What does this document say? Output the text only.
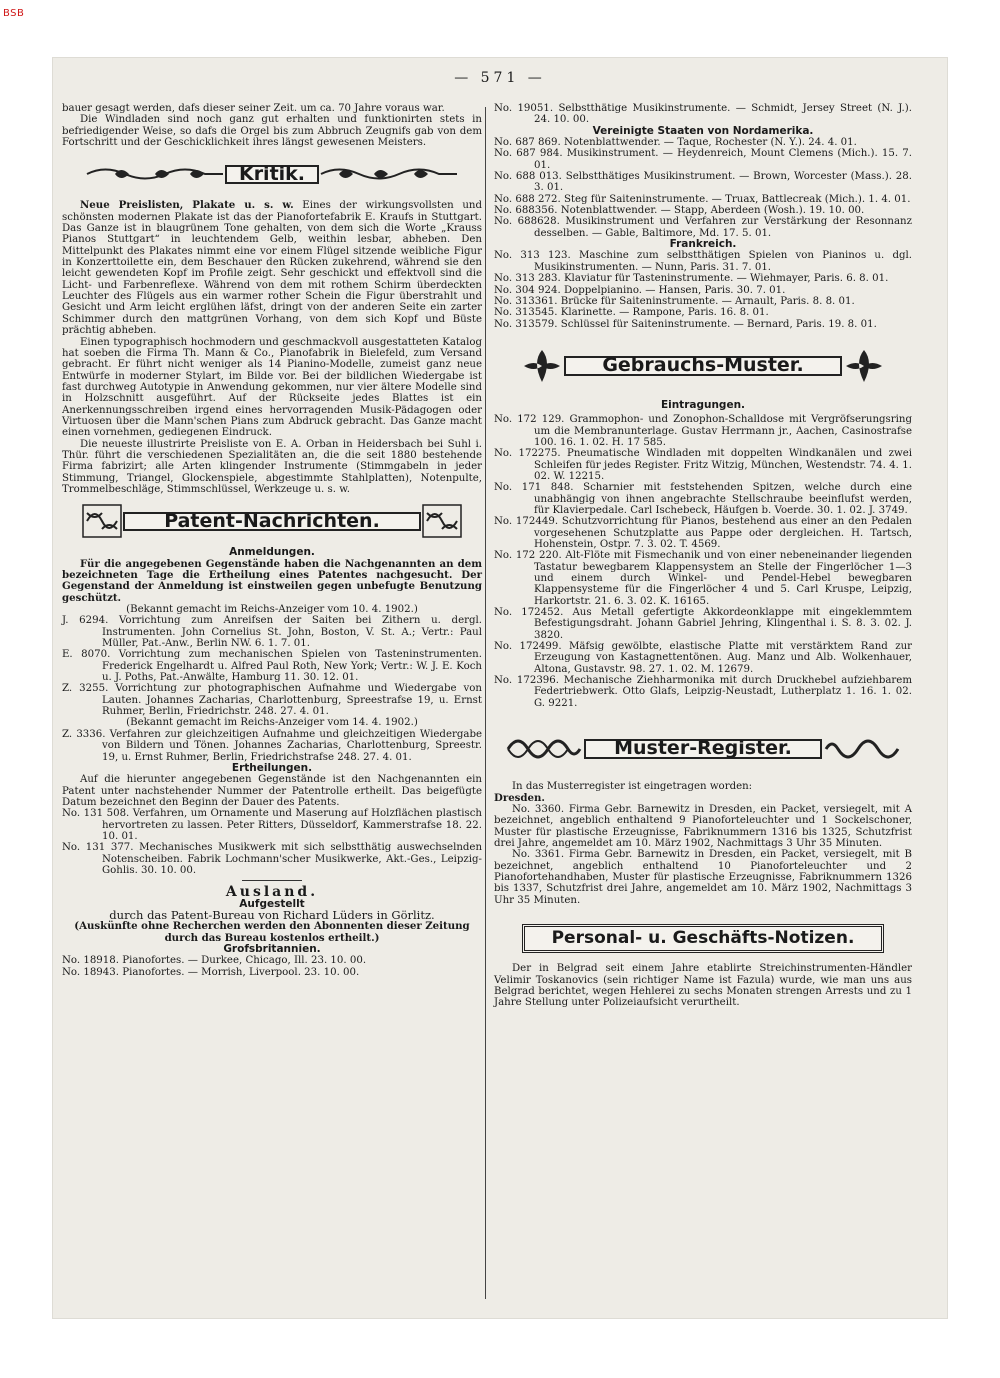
BSB
— 571 —

bauer gesagt werden, dafs dieser seiner Zeit. um ca. 70 Jahre voraus war.

Die Windladen sind noch ganz gut erhalten und funktionirten stets in befriedigender Weise, so dafs die Orgel bis zum Abbruch Zeugnifs gab von dem Fortschritt und der Geschicklichkeit ihres längst gewesenen Meisters.

Kritik.

Neue Preislisten, Plakate u. s. w. Eines der wirkungsvollsten und schönsten modernen Plakate ist das der Pianofortefabrik E. Kraufs in Stuttgart. Das Ganze ist in blaugrünem Tone gehalten, von dem sich die Worte „Krauss Pianos Stuttgart“ in leuchtendem Gelb, weithin lesbar, abheben. Den Mittelpunkt des Plakates nimmt eine vor einem Flügel sitzende weibliche Figur in Konzerttoilette ein, dem Beschauer den Rücken zukehrend, während sie den leicht gewendeten Kopf im Profile zeigt. Sehr geschickt und effektvoll sind die Licht- und Farbenreflexe. Während von dem mit rothem Schirm überdeckten Leuchter des Flügels aus ein warmer rother Schein die Figur überstrahlt und Gesicht und Arm leicht erglühen läfst, dringt von der anderen Seite ein zarter Schimmer durch den mattgrünen Vorhang, von dem sich Kopf und Büste prächtig abheben.

Einen typographisch hochmodern und geschmackvoll ausgestatteten Katalog hat soeben die Firma Th. Mann & Co., Pianofabrik in Bielefeld, zum Versand gebracht. Er führt nicht weniger als 14 Pianino-Modelle, zumeist ganz neue Entwürfe in moderner Stylart, im Bilde vor. Bei der bildlichen Wiedergabe ist fast durchweg Autotypie in Anwendung gekommen, nur vier ältere Modelle sind in Holzschnitt ausgeführt. Auf der Rückseite jedes Blattes ist ein Anerkennungsschreiben irgend eines hervorragenden Musik-Pädagogen oder Virtuosen über die Mann'schen Pians zum Abdruck gebracht. Das Ganze macht einen vornehmen, gediegenen Eindruck.

Die neueste illustrirte Preisliste von E. A. Orban in Heidersbach bei Suhl i. Thür. führt die verschiedenen Spezialitäten an, die die seit 1880 bestehende Firma fabrizirt; alle Arten klingender Instrumente (Stimmgabeln in jeder Stimmung, Triangel, Glockenspiele, abgestimmte Stahlplatten), Notenpulte, Trommelbeschläge, Stimmschlüssel, Werkzeuge u. s. w.

Patent-Nachrichten.
Anmeldungen.

Für die angegebenen Gegenstände haben die Nachgenannten an dem bezeichneten Tage die Ertheilung eines Patentes nachgesucht. Der Gegenstand der Anmeldung ist einstweilen gegen unbefugte Benutzung geschützt.

(Bekannt gemacht im Reichs-Anzeiger vom 10. 4. 1902.)

J. 6294. Vorrichtung zum Anreifsen der Saiten bei Zithern u. dergl. Instrumenten. John Cornelius St. John, Boston, V. St. A.; Vertr.: Paul Müller, Pat.-Anw., Berlin NW. 6. 1. 7. 01.

E. 8070. Vorrichtung zum mechanischen Spielen von Tasteninstrumenten. Frederick Engelhardt u. Alfred Paul Roth, New York; Vertr.: W. J. E. Koch u. J. Poths, Pat.-Anwälte, Hamburg 11. 30. 12. 01.

Z. 3255. Vorrichtung zur photographischen Aufnahme und Wiedergabe von Lauten. Johannes Zacharias, Charlottenburg, Spreestrafse 19, u. Ernst Ruhmer, Berlin, Friedrichstr. 248. 27. 4. 01.

(Bekannt gemacht im Reichs-Anzeiger vom 14. 4. 1902.)

Z. 3336. Verfahren zur gleichzeitigen Aufnahme und gleichzeitigen Wiedergabe von Bildern und Tönen. Johannes Zacharias, Charlottenburg, Spreestr. 19, u. Ernst Ruhmer, Berlin, Friedrichstrafse 248. 27. 4. 01.

Ertheilungen.

Auf die hierunter angegebenen Gegenstände ist den Nachgenannten ein Patent unter nachstehender Nummer der Patentrolle ertheilt. Das beigefügte Datum bezeichnet den Beginn der Dauer des Patents.

No. 131 508. Verfahren, um Ornamente und Maserung auf Holzflächen plastisch hervortreten zu lassen. Peter Ritters, Düsseldorf, Kammerstrafse 18. 22. 10. 01.

No. 131 377. Mechanisches Musikwerk mit sich selbstthätig auswechselnden Notenscheiben. Fabrik Lochmann'scher Musikwerke, Akt.-Ges., Leipzig-Gohlis. 30. 10. 00.

Ausland.
Aufgestellt

durch das Patent-Bureau von Richard Lüders in Görlitz.

(Auskünfte ohne Recherchen werden den Abonnenten dieser Zeitung durch das Bureau kostenlos ertheilt.)

Grofsbritannien.

No. 18918. Pianofortes. — Durkee, Chicago, Ill. 23. 10. 00.

No. 18943. Pianofortes. — Morrish, Liverpool. 23. 10. 00.

No. 19051. Selbstthätige Musikinstrumente. — Schmidt, Jersey Street (N. J.). 24. 10. 00.

Vereinigte Staaten von Nordamerika.

No. 687 869. Notenblattwender. — Taque, Rochester (N. Y.). 24. 4. 01.

No. 687 984. Musikinstrument. — Heydenreich, Mount Clemens (Mich.). 15. 7. 01.

No. 688 013. Selbstthätiges Musikinstrument. — Brown, Worcester (Mass.). 28. 3. 01.

No. 688 272. Steg für Saiteninstrumente. — Truax, Battlecreak (Mich.). 1. 4. 01.

No. 688356. Notenblattwender. — Stapp, Aberdeen (Wosh.). 19. 10. 00.

No. 688628. Musikinstrument und Verfahren zur Verstärkung der Resonnanz desselben. — Gable, Baltimore, Md. 17. 5. 01.

Frankreich.

No. 313 123. Maschine zum selbstthätigen Spielen von Pianinos u. dgl. Musikinstrumenten. — Nunn, Paris. 31. 7. 01.

No. 313 283. Klaviatur für Tasteninstrumente. — Wiehmayer, Paris. 6. 8. 01.

No. 304 924. Doppelpianino. — Hansen, Paris. 30. 7. 01.

No. 313361. Brücke für Saiteninstrumente. — Arnault, Paris. 8. 8. 01.

No. 313545. Klarinette. — Rampone, Paris. 16. 8. 01.

No. 313579. Schlüssel für Saiteninstrumente. — Bernard, Paris. 19. 8. 01.

Gebrauchs-Muster.
Eintragungen.

No. 172 129. Grammophon- und Zonophon-Schalldose mit Vergröfserungsring um die Membranunterlage. Gustav Herrmann jr., Aachen, Casinostrafse 100. 16. 1. 02. H. 17 585.

No. 172275. Pneumatische Windladen mit doppelten Windkanälen und zwei Schleifen für jedes Register. Fritz Witzig, München, Westendstr. 74. 4. 1. 02. W. 12215.

No. 171 848. Scharnier mit feststehenden Spitzen, welche durch eine unabhängig von ihnen angebrachte Stellschraube beeinflufst werden, für Klavierpedale. Carl Ischebeck, Häufgen b. Voerde. 30. 1. 02. J. 3749.

No. 172449. Schutzvorrichtung für Pianos, bestehend aus einer an den Pedalen vorgesehenen Schutzplatte aus Pappe oder dergleichen. H. Tartsch, Hohenstein, Ostpr. 7. 3. 02. T. 4569.

No. 172 220. Alt-Flöte mit Fismechanik und von einer nebeneinander liegenden Tastatur bewegbarem Klappensystem an Stelle der Fingerlöcher 1—3 und einem durch Winkel- und Pendel-Hebel bewegbaren Klappensysteme für die Fingerlöcher 4 und 5. Carl Kruspe, Leipzig, Harkortstr. 21. 6. 3. 02. K. 16165.

No. 172452. Aus Metall gefertigte Akkordeonklappe mit eingeklemmtem Befestigungsdraht. Johann Gabriel Jehring, Klingenthal i. S. 8. 3. 02. J. 3820.

No. 172499. Mäfsig gewölbte, elastische Platte mit verstärktem Rand zur Erzeugung von Kastagnettentönen. Aug. Manz und Alb. Wolkenhauer, Altona, Gustavstr. 98. 27. 1. 02. M. 12679.

No. 172396. Mechanische Ziehharmonika mit durch Druckhebel aufziehbarem Federtriebwerk. Otto Glafs, Leipzig-Neustadt, Lutherplatz 1. 16. 1. 02. G. 9221.

Muster-Register.

In das Musterregister ist eingetragen worden:

Dresden.

No. 3360. Firma Gebr. Barnewitz in Dresden, ein Packet, versiegelt, mit A bezeichnet, angeblich enthaltend 9 Pianoforteleuchter und 1 Sockelschoner, Muster für plastische Erzeugnisse, Fabriknummern 1316 bis 1325, Schutzfrist drei Jahre, angemeldet am 10. März 1902, Nachmittags 3 Uhr 35 Minuten.

No. 3361. Firma Gebr. Barnewitz in Dresden, ein Packet, versiegelt, mit B bezeichnet, angeblich enthaltend 10 Pianoforteleuchter und 2 Pianofortehandhaben, Muster für plastische Erzeugnisse, Fabriknummern 1326 bis 1337, Schutzfrist drei Jahre, angemeldet am 10. März 1902, Nachmittags 3 Uhr 35 Minuten.

Personal- u. Geschäfts-Notizen.

Der in Belgrad seit einem Jahre etablirte Streichinstrumenten-Händler Velimir Toskanovics (sein richtiger Name ist Fazula) wurde, wie man uns aus Belgrad berichtet, wegen Hehlerei zu sechs Monaten strengen Arrests und zu 1 Jahre Stellung unter Polizeiaufsicht verurtheilt.
